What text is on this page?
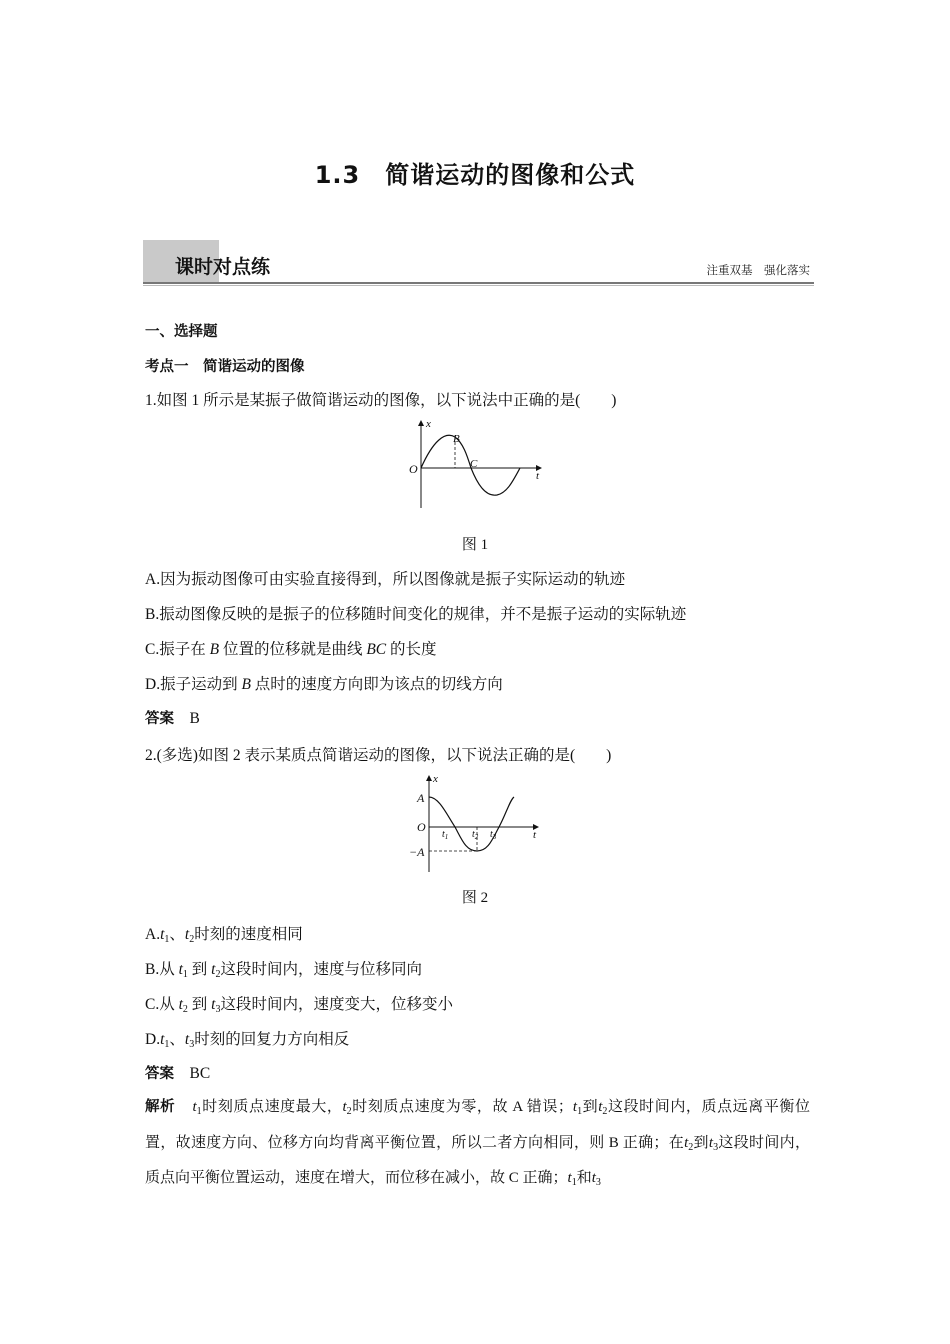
1.3　简谐运动的图像和公式
课时对点练	注重双基　强化落实
一、选择题
考点一　简谐运动的图像
1.如图 1 所示是某振子做简谐运动的图像，以下说法中正确的是(　　)
x
t
O
B
C
图 1
A.因为振动图像可由实验直接得到，所以图像就是振子实际运动的轨迹
B.振动图像反映的是振子的位移随时间变化的规律，并不是振子运动的实际轨迹
C.振子在 B 位置的位移就是曲线 BC 的长度
D.振子运动到 B 点时的速度方向即为该点的切线方向
答案 B
2.(多选)如图 2 表示某质点简谐运动的图像，以下说法正确的是(　　)
x
t
A
O
−A
$t_1$ $t_2$ $t_3$
图 2
$A.t_1$、$t_2$时刻的速度相同
B.从 $t_1$ 到 $t_2$这段时间内，速度与位移同向
C.从 $t_2$ 到 $t_3$这段时间内，速度变大，位移变小
$D.t_1$、$t_3$时刻的回复力方向相反
答案 BC
解析 $t_1$时刻质点速度最大，$t_2$时刻质点速度为零，故 A 错误；$t_1$到$t_2$这段时间内，质点远离平衡位置，故速度方向、位移方向均背离平衡位置，所以二者方向相同，则 B 正确；在$t_2$到$t_3$这段时间内，质点向平衡位置运动，速度在增大，而位移在减小，故 C 正确；$t_1$和$t_3$
